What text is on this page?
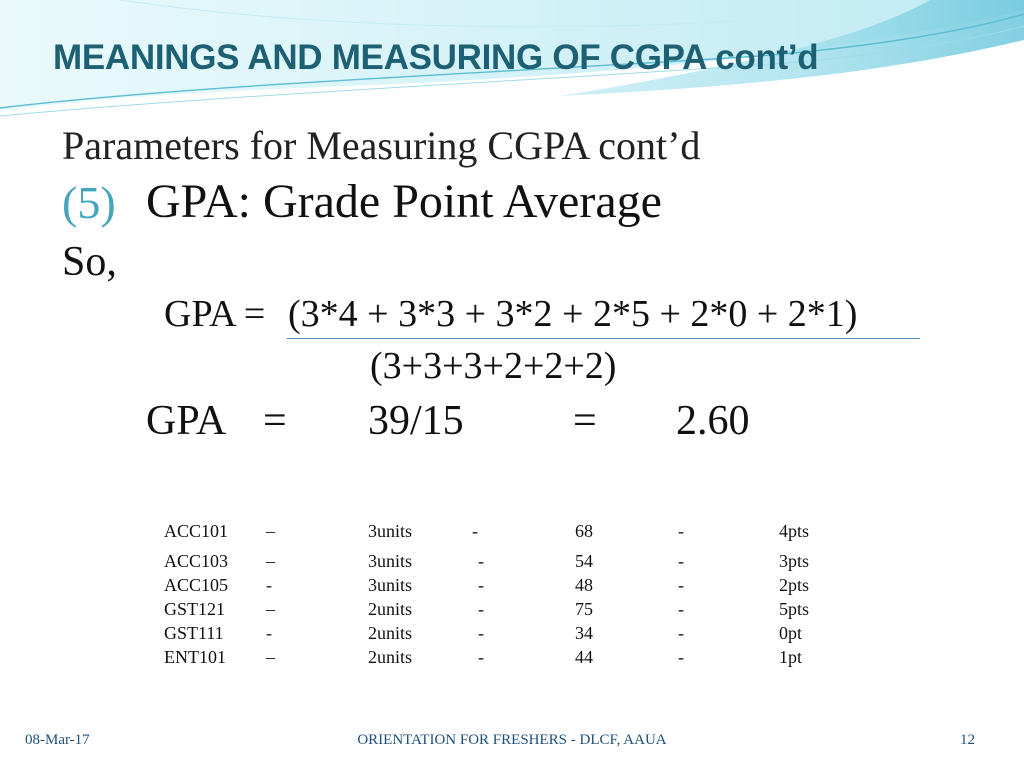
MEANINGS AND MEASURING OF CGPA cont’d
Parameters for Measuring CGPA cont’d
(5) GPA: Grade Point Average
So,
GPA = (3*4 + 3*3 + 3*2 + 2*5 + 2*0 + 2*1)
(3+3+3+2+2+2)
GPA = 39/15	= 2.60
ACC101 –	3units	-	68	-	4pts
ACC103 –	3units	-	54	-	3pts
ACC105 -	3units	-	48	-	2pts
GST121 –	2units	-	75	-	5pts
GST111 -	2units	-	34	-	0pt
ENT101 –	2units	-	44	-	1pt
08-Mar-17	ORIENTATION FOR FRESHERS - DLCF, AAUA	12
